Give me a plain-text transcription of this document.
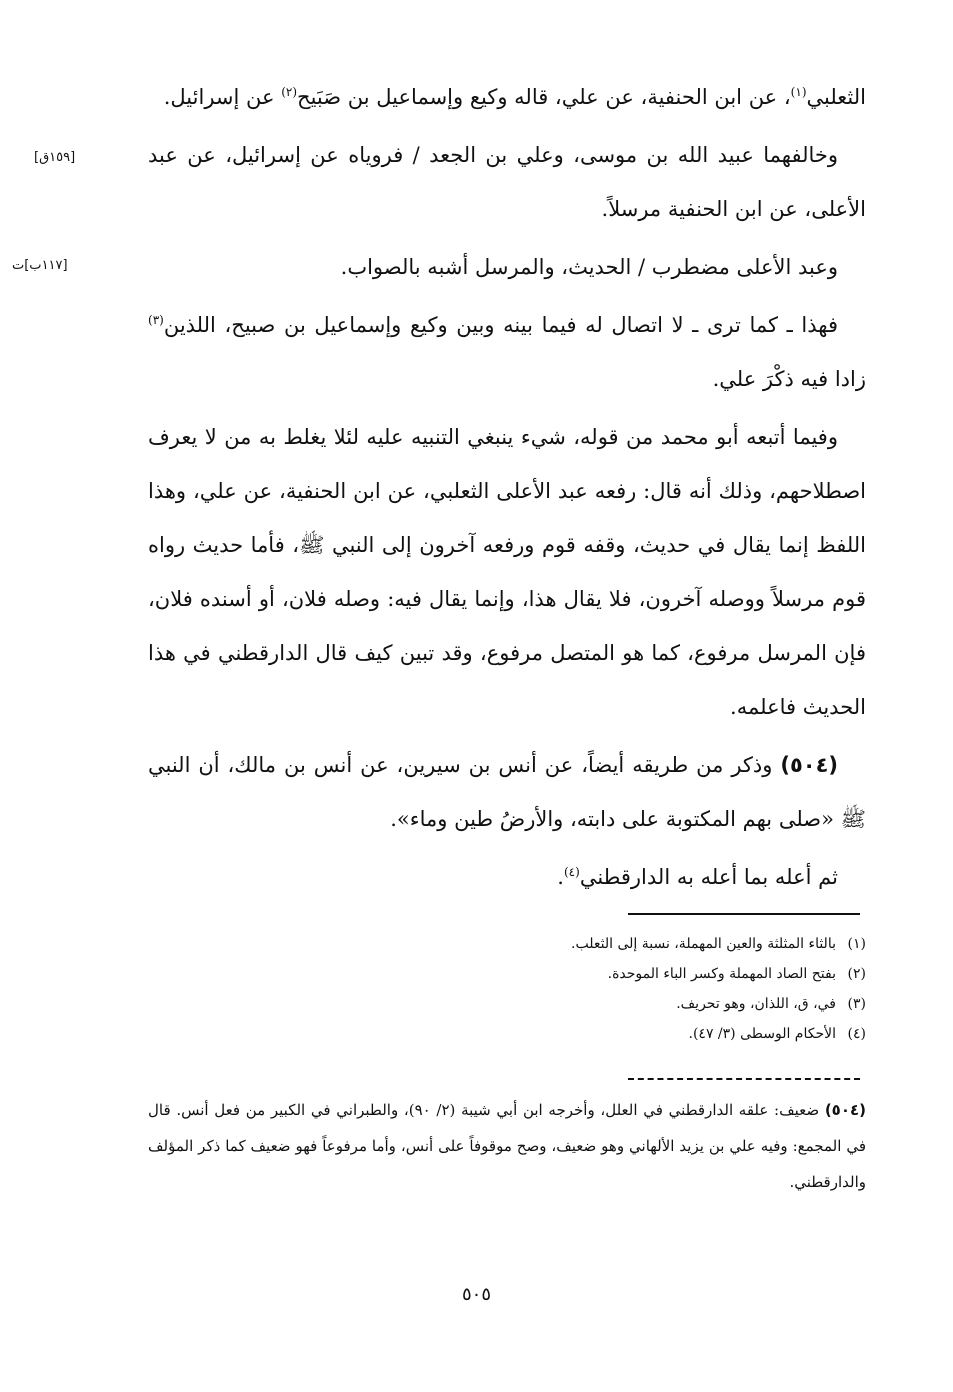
[١٥٩ق]
[١١٧ب]ت

الثعلبي$^{(١)}$، عن ابن الحنفية، عن علي، قاله وكيع وإسماعيل بن صَبَيح$^{(٢)}$ عن إسرائيل.

وخالفهما عبيد الله بن موسى، وعلي بن الجعد / فروياه عن إسرائيل، عن عبد الأعلى، عن ابن الحنفية مرسلاً.

وعبد الأعلى مضطرب / الحديث، والمرسل أشبه بالصواب.

فهذا ـ كما ترى ـ لا اتصال له فيما بينه وبين وكيع وإسماعيل بن صبيح، اللذين$^{(٣)}$ زادا فيه ذكْرَ علي.

وفيما أتبعه أبو محمد من قوله، شيء ينبغي التنبيه عليه لئلا يغلط به من لا يعرف اصطلاحهم، وذلك أنه قال: رفعه عبد الأعلى الثعلبي، عن ابن الحنفية، عن علي، وهذا اللفظ إنما يقال في حديث، وقفه قوم ورفعه آخرون إلى النبي ﷺ، فأما حديث رواه قوم مرسلاً ووصله آخرون، فلا يقال هذا، وإنما يقال فيه: وصله فلان، أو أسنده فلان، فإن المرسل مرفوع، كما هو المتصل مرفوع، وقد تبين كيف قال الدارقطني في هذا الحديث فاعلمه.

(٥٠٤) وذكر من طريقه أيضاً، عن أنس بن سيرين، عن أنس بن مالك، أن النبي ﷺ «صلى بهم المكتوبة على دابته، والأرضُ طين وماء».

ثم أعله بما أعله به الدارقطني$^{(٤)}$.

(١)بالثاء المثلثة والعين المهملة، نسبة إلى الثعلب.
(٢)بفتح الصاد المهملة وكسر الباء الموحدة.
(٣)في، ق، اللذان، وهو تحريف.
(٤)الأحكام الوسطى (٣/ ٤٧).
(٥٠٤) ضعيف: علقه الدارقطني في العلل، وأخرجه ابن أبي شيبة (٢/ ٩٠)، والطبراني في الكبير من فعل أنس. قال في المجمع: وفيه علي بن يزيد الألهاني وهو ضعيف، وصح موقوفاً على أنس، وأما مرفوعاً فهو ضعيف كما ذكر المؤلف والدارقطني.
٥٠٥
